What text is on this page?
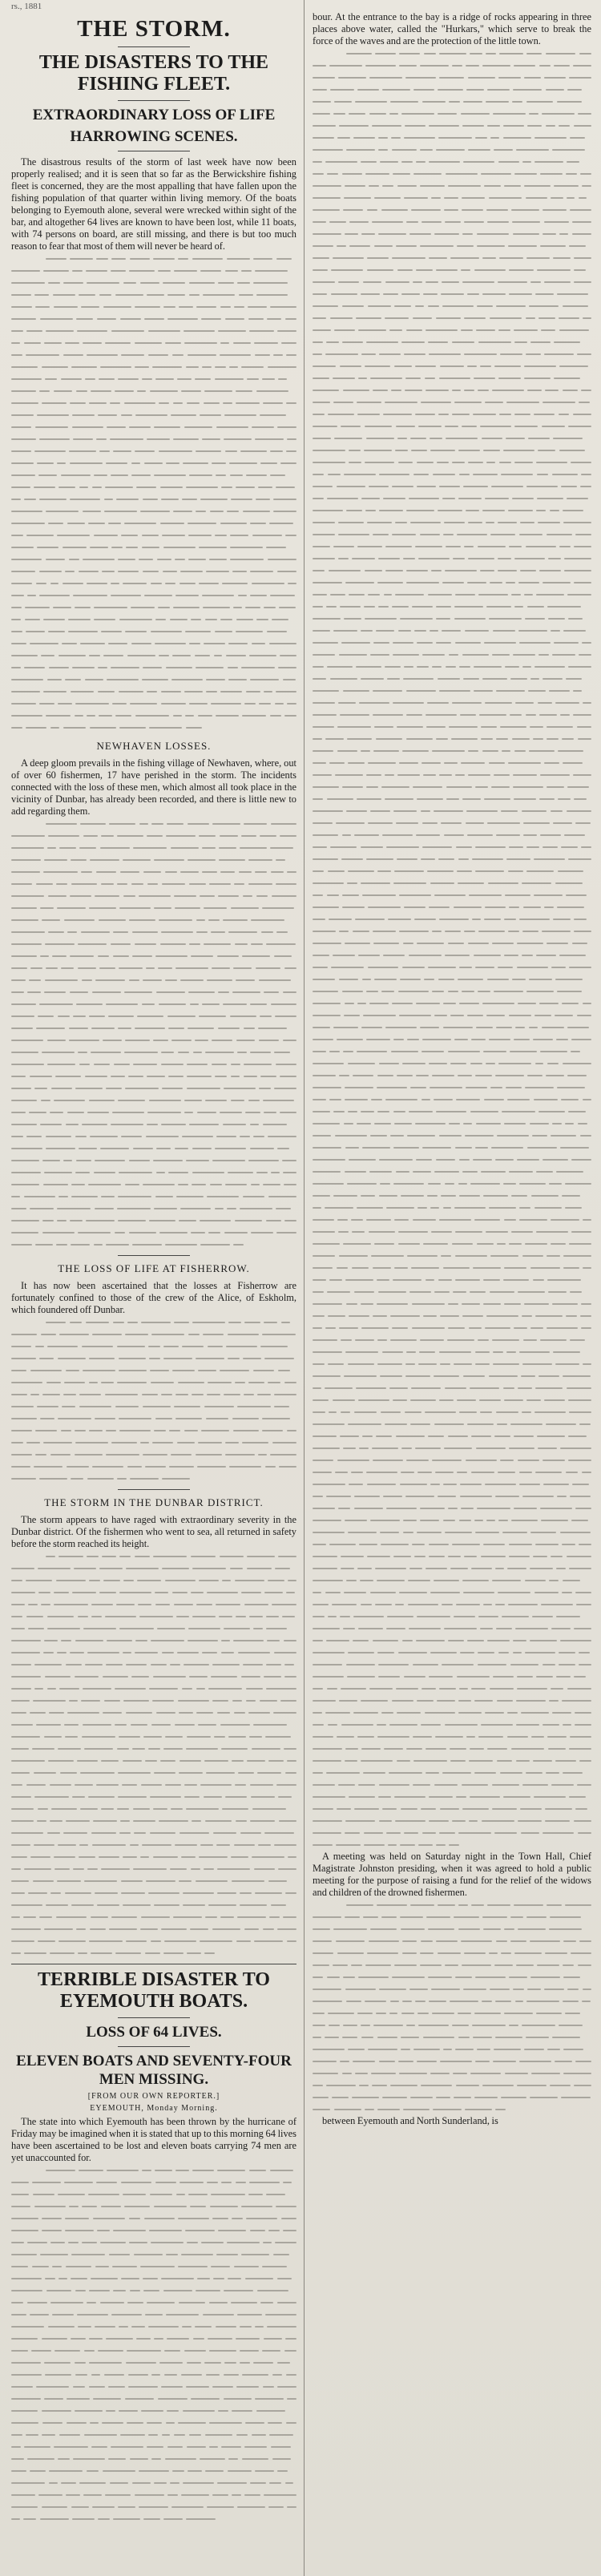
rs., 1881
THE STORM.
THE DISASTERS TO THE FISHING FLEET.
EXTRAORDINARY LOSS OF LIFE
HARROWING SCENES.

The disastrous results of the storm of last week have now been properly realised; and it is seen that so far as the Berwickshire fishing fleet is concerned, they are the most appalling that have fallen upon the fishing population of that quarter within living memory. Of the boats belonging to Eyemouth alone, several were wrecked within sight of the bar, and altogether 64 lives are known to have been lost, while 11 boats, with 74 persons on board, are still missing, and there is but too much reason to fear that most of them will never be heard of.

NEWHAVEN LOSSES.

A deep gloom prevails in the fishing village of Newhaven, where, out of over 60 fishermen, 17 have perished in the storm. The incidents connected with the loss of these men, which almost all took place in the vicinity of Dunbar, has already been recorded, and there is little new to add regarding them.

THE LOSS OF LIFE AT FISHERROW.

It has now been ascertained that the losses at Fisherrow are fortunately confined to those of the crew of the Alice, of Eskholm, which foundered off Dunbar.

THE STORM IN THE DUNBAR DISTRICT.

The storm appears to have raged with extraordinary severity in the Dunbar district. Of the fishermen who went to sea, all returned in safety before the storm reached its height.

TERRIBLE DISASTER TO EYEMOUTH BOATS.
LOSS OF 64 LIVES.
ELEVEN BOATS AND SEVENTY-FOUR MEN MISSING.
[FROM OUR OWN REPORTER.]
EYEMOUTH, Monday Morning.

The state into which Eyemouth has been thrown by the hurricane of Friday may be imagined when it is stated that up to this morning 64 lives have been ascertained to be lost and eleven boats carrying 74 men are yet unaccounted for.

bour. At the entrance to the bay is a ridge of rocks appearing in three places above water, called the "Hurkars," which serve to break the force of the waves and are the protection of the little town.

A meeting was held on Saturday night in the Town Hall, Chief Magistrate Johnston presiding, when it was agreed to hold a public meeting for the purpose of raising a fund for the relief of the widows and children of the drowned fishermen.

between Eyemouth and North Sunderland, is
